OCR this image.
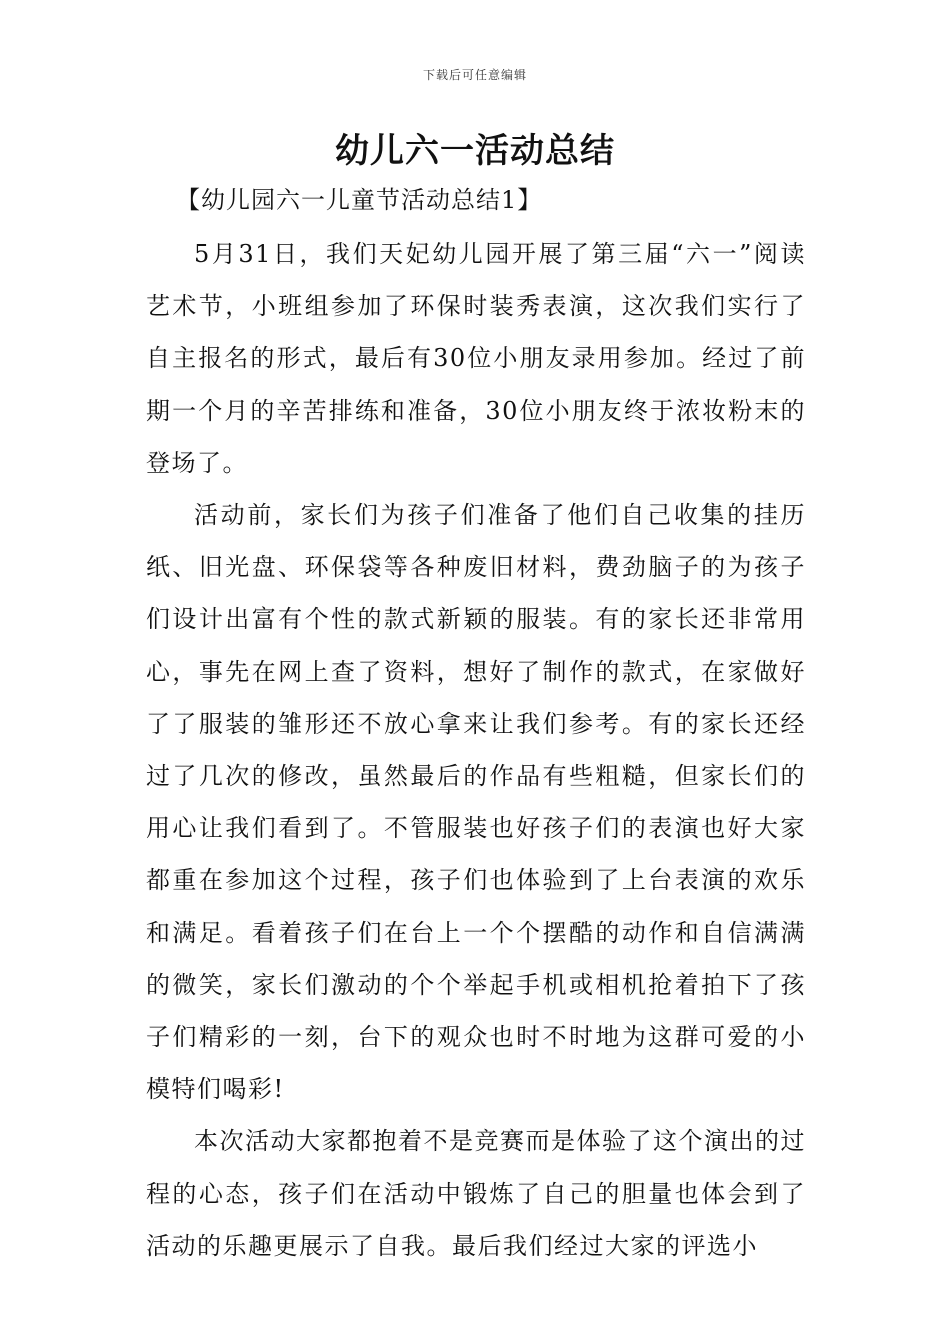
下载后可任意编辑
幼儿六一活动总结
【幼儿园六一儿童节活动总结1】

5月31日，我们天妃幼儿园开展了第三届“六一”阅读艺术节，小班组参加了环保时装秀表演，这次我们实行了自主报名的形式，最后有30位小朋友录用参加。经过了前期一个月的辛苦排练和准备，30位小朋友终于浓妆粉末的登场了。

活动前，家长们为孩子们准备了他们自己收集的挂历纸、旧光盘、环保袋等各种废旧材料，费劲脑子的为孩子们设计出富有个性的款式新颖的服装。有的家长还非常用心，事先在网上查了资料，想好了制作的款式，在家做好了了服装的雏形还不放心拿来让我们参考。有的家长还经过了几次的修改，虽然最后的作品有些粗糙，但家长们的用心让我们看到了。不管服装也好孩子们的表演也好大家都重在参加这个过程，孩子们也体验到了上台表演的欢乐和满足。看着孩子们在台上一个个摆酷的动作和自信满满的微笑，家长们激动的个个举起手机或相机抢着拍下了孩子们精彩的一刻，台下的观众也时不时地为这群可爱的小模特们喝彩!

本次活动大家都抱着不是竞赛而是体验了这个演出的过程的心态，孩子们在活动中锻炼了自己的胆量也体会到了活动的乐趣更展示了自我。最后我们经过大家的评选小
